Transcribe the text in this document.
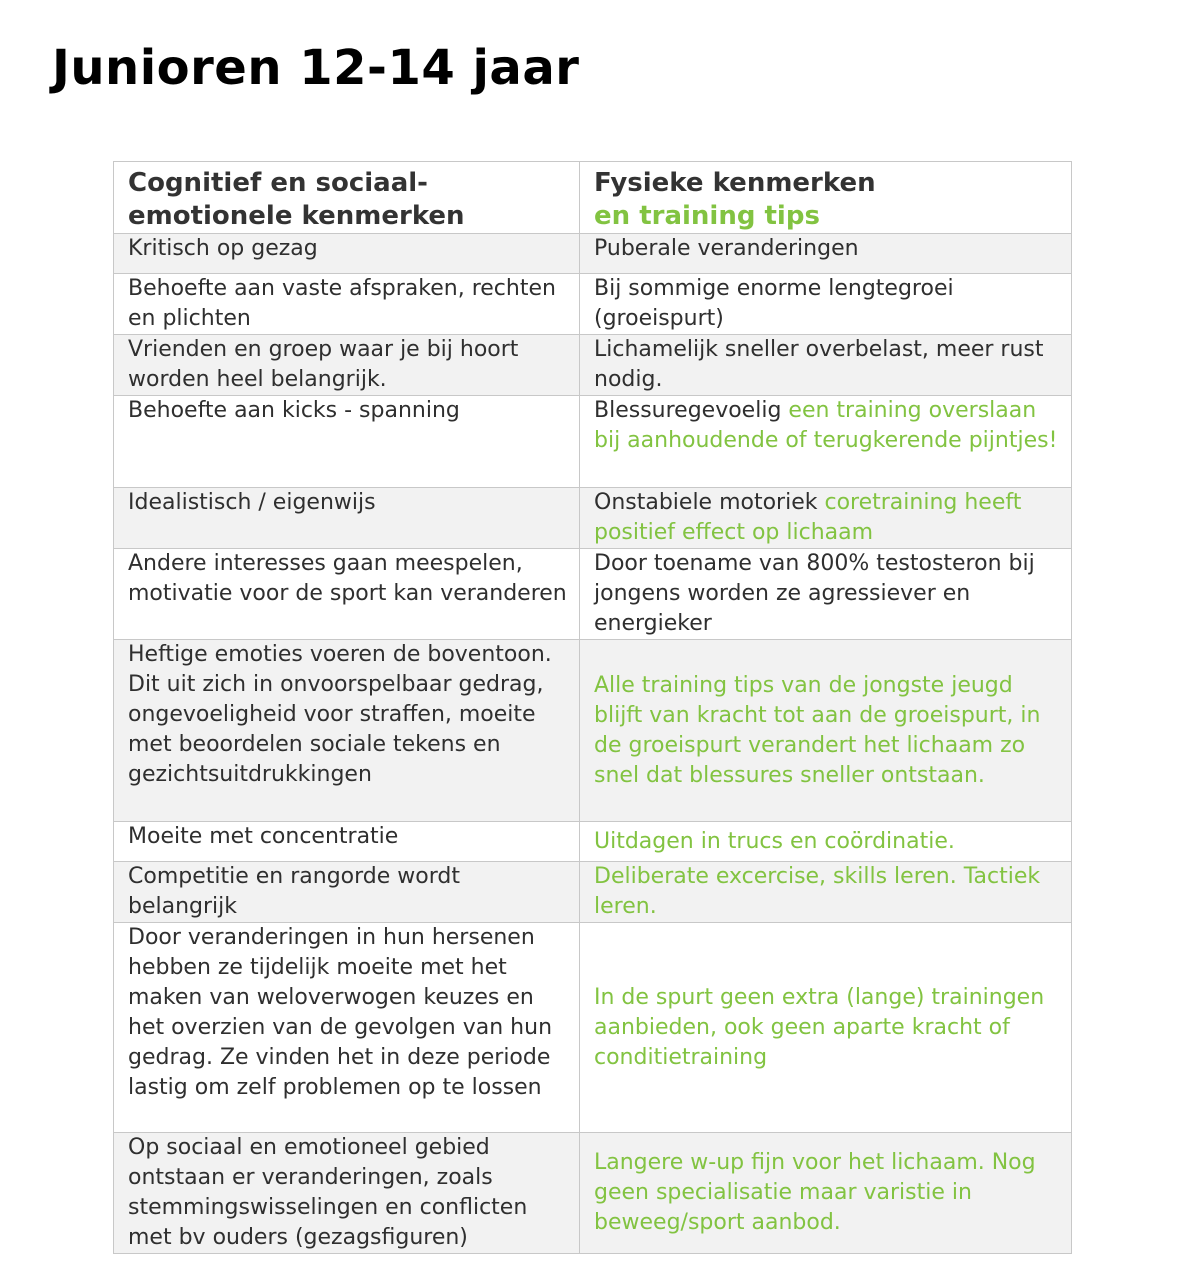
Junioren 12-14 jaar
Cognitief en sociaal-emotionele kenmerken	Fysieke kenmerken
en training tips

Kritisch op gezag	Puberale veranderingen
Behoefte aan vaste afspraken, rechten en plichten	Bij sommige enorme lengtegroei (groeispurt)
Vrienden en groep waar je bij hoort worden heel belangrijk.	Lichamelijk sneller overbelast, meer rust nodig.
Behoefte aan kicks - spanning	Blessuregevoelig een training overslaan bij aanhoudende of terugkerende pijntjes!
Idealistisch / eigenwijs	Onstabiele motoriek coretraining heeft positief effect op lichaam
Andere interesses gaan meespelen, motivatie voor de sport kan veranderen	Door toename van 800% testosteron bij jongens worden ze agressiever en energieker
Heftige emoties voeren de boventoon. Dit uit zich in onvoorspelbaar gedrag, ongevoeligheid voor straffen, moeite met beoordelen sociale tekens en gezichtsuitdrukkingen	Alle training tips van de jongste jeugd blijft van kracht tot aan de groeispurt, in de groeispurt verandert het lichaam zo snel dat blessures sneller ontstaan.
Moeite met concentratie	Uitdagen in trucs en coördinatie.
Competitie en rangorde wordt belangrijk	Deliberate excercise, skills leren. Tactiek leren.
Door veranderingen in hun hersenen hebben ze tijdelijk moeite met het maken van weloverwogen keuzes en het overzien van de gevolgen van hun gedrag. Ze vinden het in deze periode lastig om zelf problemen op te lossen	In de spurt geen extra (lange) trainingen aanbieden, ook geen aparte kracht of conditietraining
Op sociaal en emotioneel gebied ontstaan er veranderingen, zoals stemmingswisselingen en conflicten met bv ouders (gezagsfiguren)	Langere w-up fijn voor het lichaam. Nog geen specialisatie maar varistie in beweeg/sport aanbod.
